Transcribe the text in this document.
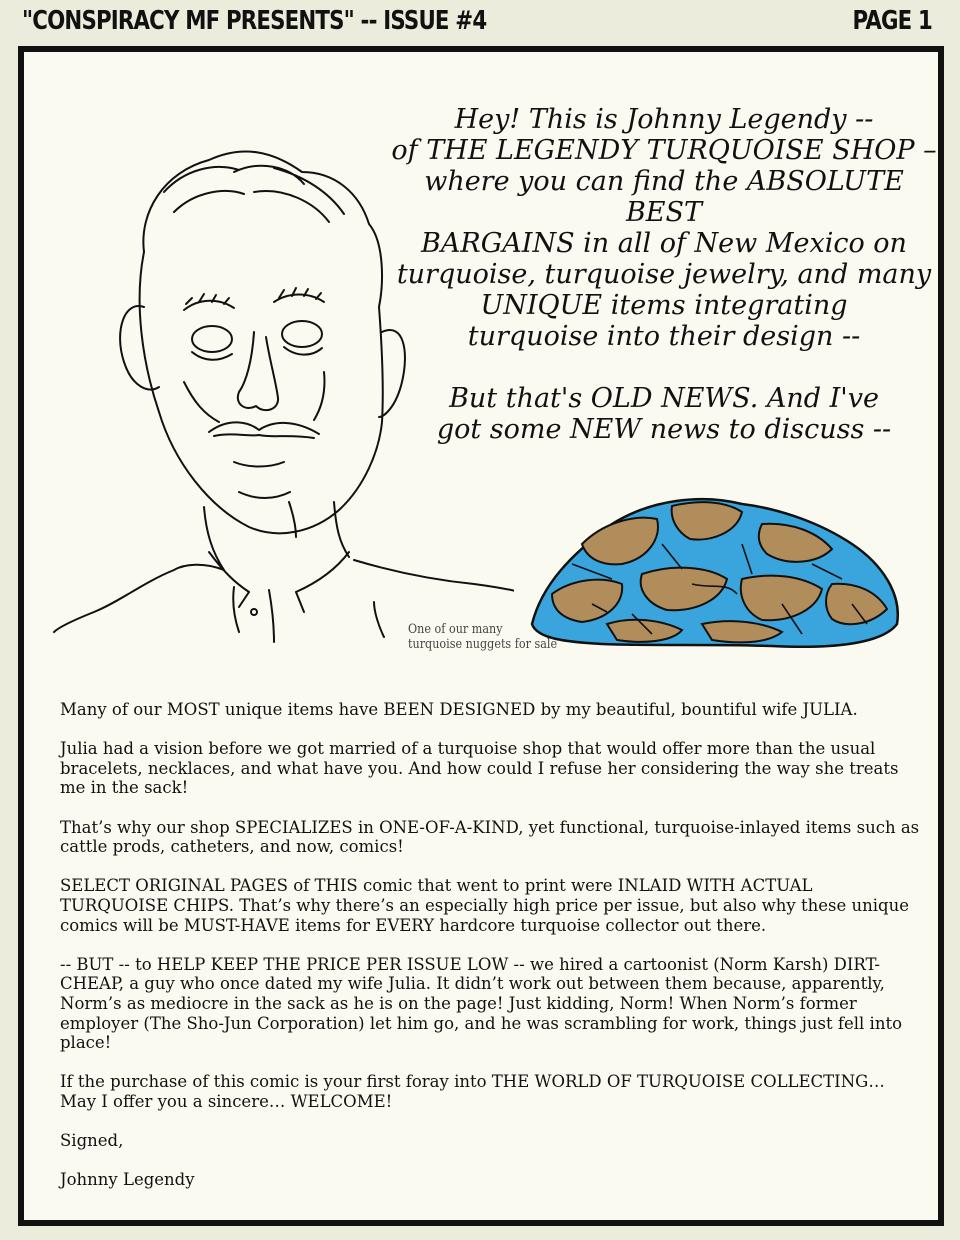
"CONSPIRACY MF PRESENTS" -- ISSUE #4	PAGE 1
One of our many
turquoise nuggets for sale

Hey! This is Johnny Legendy --

of THE LEGENDY TURQUOISE SHOP –

where you can find the ABSOLUTE BEST

BARGAINS in all of New Mexico on

turquoise, turquoise jewelry, and many

UNIQUE items integrating

turquoise into their design --

But that's OLD NEWS. And I've

got some NEW news to discuss --

Many of our MOST unique items have BEEN DESIGNED by my beautiful, bountiful wife JULIA.

Julia had a vision before we got married of a turquoise shop that would offer more than the usual bracelets, necklaces, and what have you. And how could I refuse her considering the way she treats me in the sack!

That’s why our shop SPECIALIZES in ONE-OF-A-KIND, yet functional, turquoise-inlayed items such as cattle prods, catheters, and now, comics!

SELECT ORIGINAL PAGES of THIS comic that went to print were INLAID WITH ACTUAL TURQUOISE CHIPS. That’s why there’s an especially high price per issue, but also why these unique comics will be MUST-HAVE items for EVERY hardcore turquoise collector out there.

-- BUT -- to HELP KEEP THE PRICE PER ISSUE LOW -- we hired a cartoonist (Norm Karsh) DIRT-CHEAP, a guy who once dated my wife Julia. It didn’t work out between them because, apparently, Norm’s as mediocre in the sack as he is on the page! Just kidding, Norm! When Norm’s former employer (The Sho-Jun Corporation) let him go, and he was scrambling for work, things just fell into place!

If the purchase of this comic is your first foray into THE WORLD OF TURQUOISE COLLECTING… May I offer you a sincere… WELCOME!

Signed,

Johnny Legendy
